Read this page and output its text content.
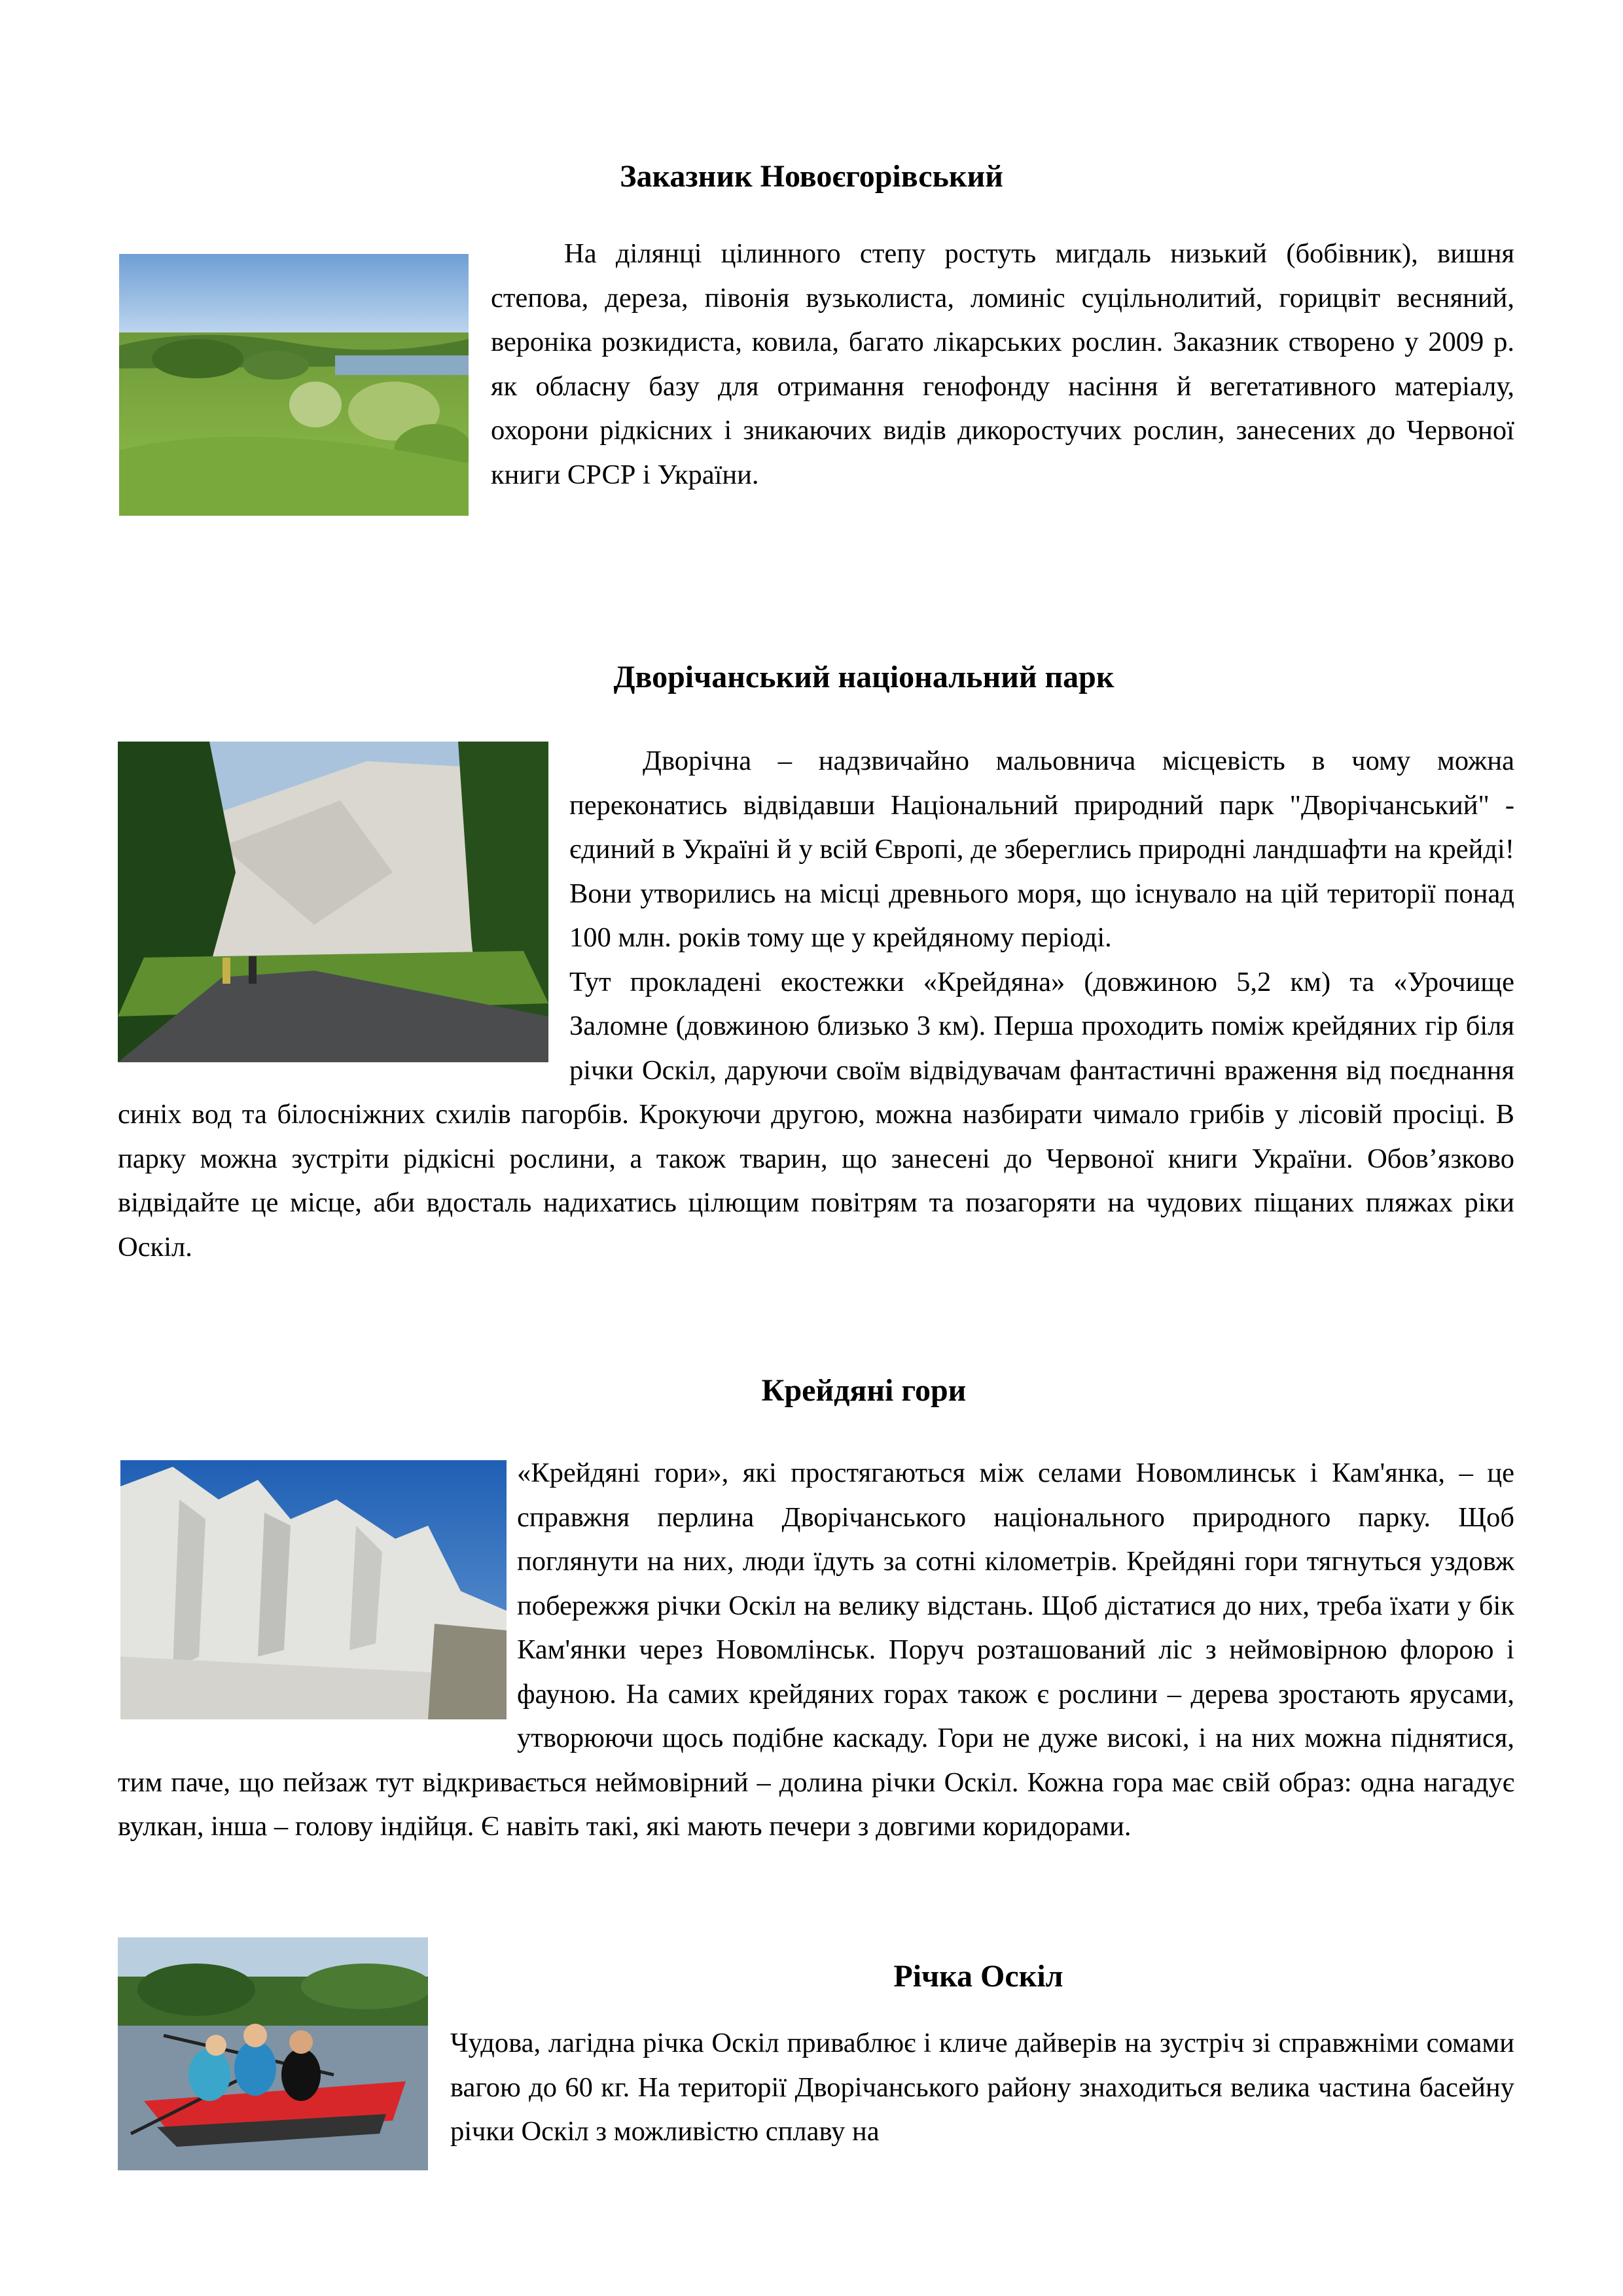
Заказник Новоєгорівський

На ділянці цілинного степу ростуть мигдаль низький (бобівник), вишня степова, дереза, півонія вузьколиста, ломиніс суцільнолитий, горицвіт весняний, вероніка розкидиста, ковила, багато лікарських рослин. Заказник створено у 2009 р. як обласну базу для отримання генофонду насіння й вегетативного матеріалу, охорони рідкісних і зникаючих видів дикоростучих рослин, занесених до Червоної книги СРСР і України.

Дворічанський національний парк

Дворічна – надзвичайно мальовнича місцевість в чому можна переконатись відвідавши Національний природний парк "Дворічанський" - єдиний в Україні й у всій Європі, де збереглись природні ландшафти на крейді! Вони утворились на місці древнього моря, що існувало на цій території понад 100 млн. років тому ще у крейдяному періоді.

Тут прокладені екостежки «Крейдяна» (довжиною 5,2 км) та «Урочище Заломне (довжиною близько 3 км). Перша проходить поміж крейдяних гір біля річки Оскіл, даруючи своїм відвідувачам фантастичні враження від поєднання синіх вод та білосніжних схилів пагорбів. Крокуючи другою, можна назбирати чимало грибів у лісовій просіці. В парку можна зустріти рідкісні рослини, а також тварин, що занесені до Червоної книги України. Обов’язково відвідайте це місце, аби вдосталь надихатись цілющим повітрям та позагоряти на чудових піщаних пляжах ріки Оскіл.

Крейдяні гори

«Крейдяні гори», які простягаються між селами Новомлинськ і Кам'янка, – це справжня перлина Дворічанського національного природного парку. Щоб поглянути на них, люди їдуть за сотні кілометрів. Крейдяні гори тягнуться уздовж побережжя річки Оскіл на велику відстань. Щоб дістатися до них, треба їхати у бік Кам'янки через Новомлінськ. Поруч розташований ліс з неймовірною флорою і фауною. На самих крейдяних горах також є рослини – дерева зростають ярусами, утворюючи щось подібне каскаду. Гори не дуже високі, і на них можна піднятися, тим паче, що пейзаж тут відкривається неймовірний – долина річки Оскіл. Кожна гора має свій образ: одна нагадує вулкан, інша – голову індійця. Є навіть такі, які мають печери з довгими коридорами.

Річка Оскіл

Чудова, лагідна річка Оскіл приваблює і кличе дайверів на зустріч зі справжніми сомами вагою до 60 кг. На території Дворічанського району знаходиться велика частина басейну річки Оскіл з можливістю сплаву на
